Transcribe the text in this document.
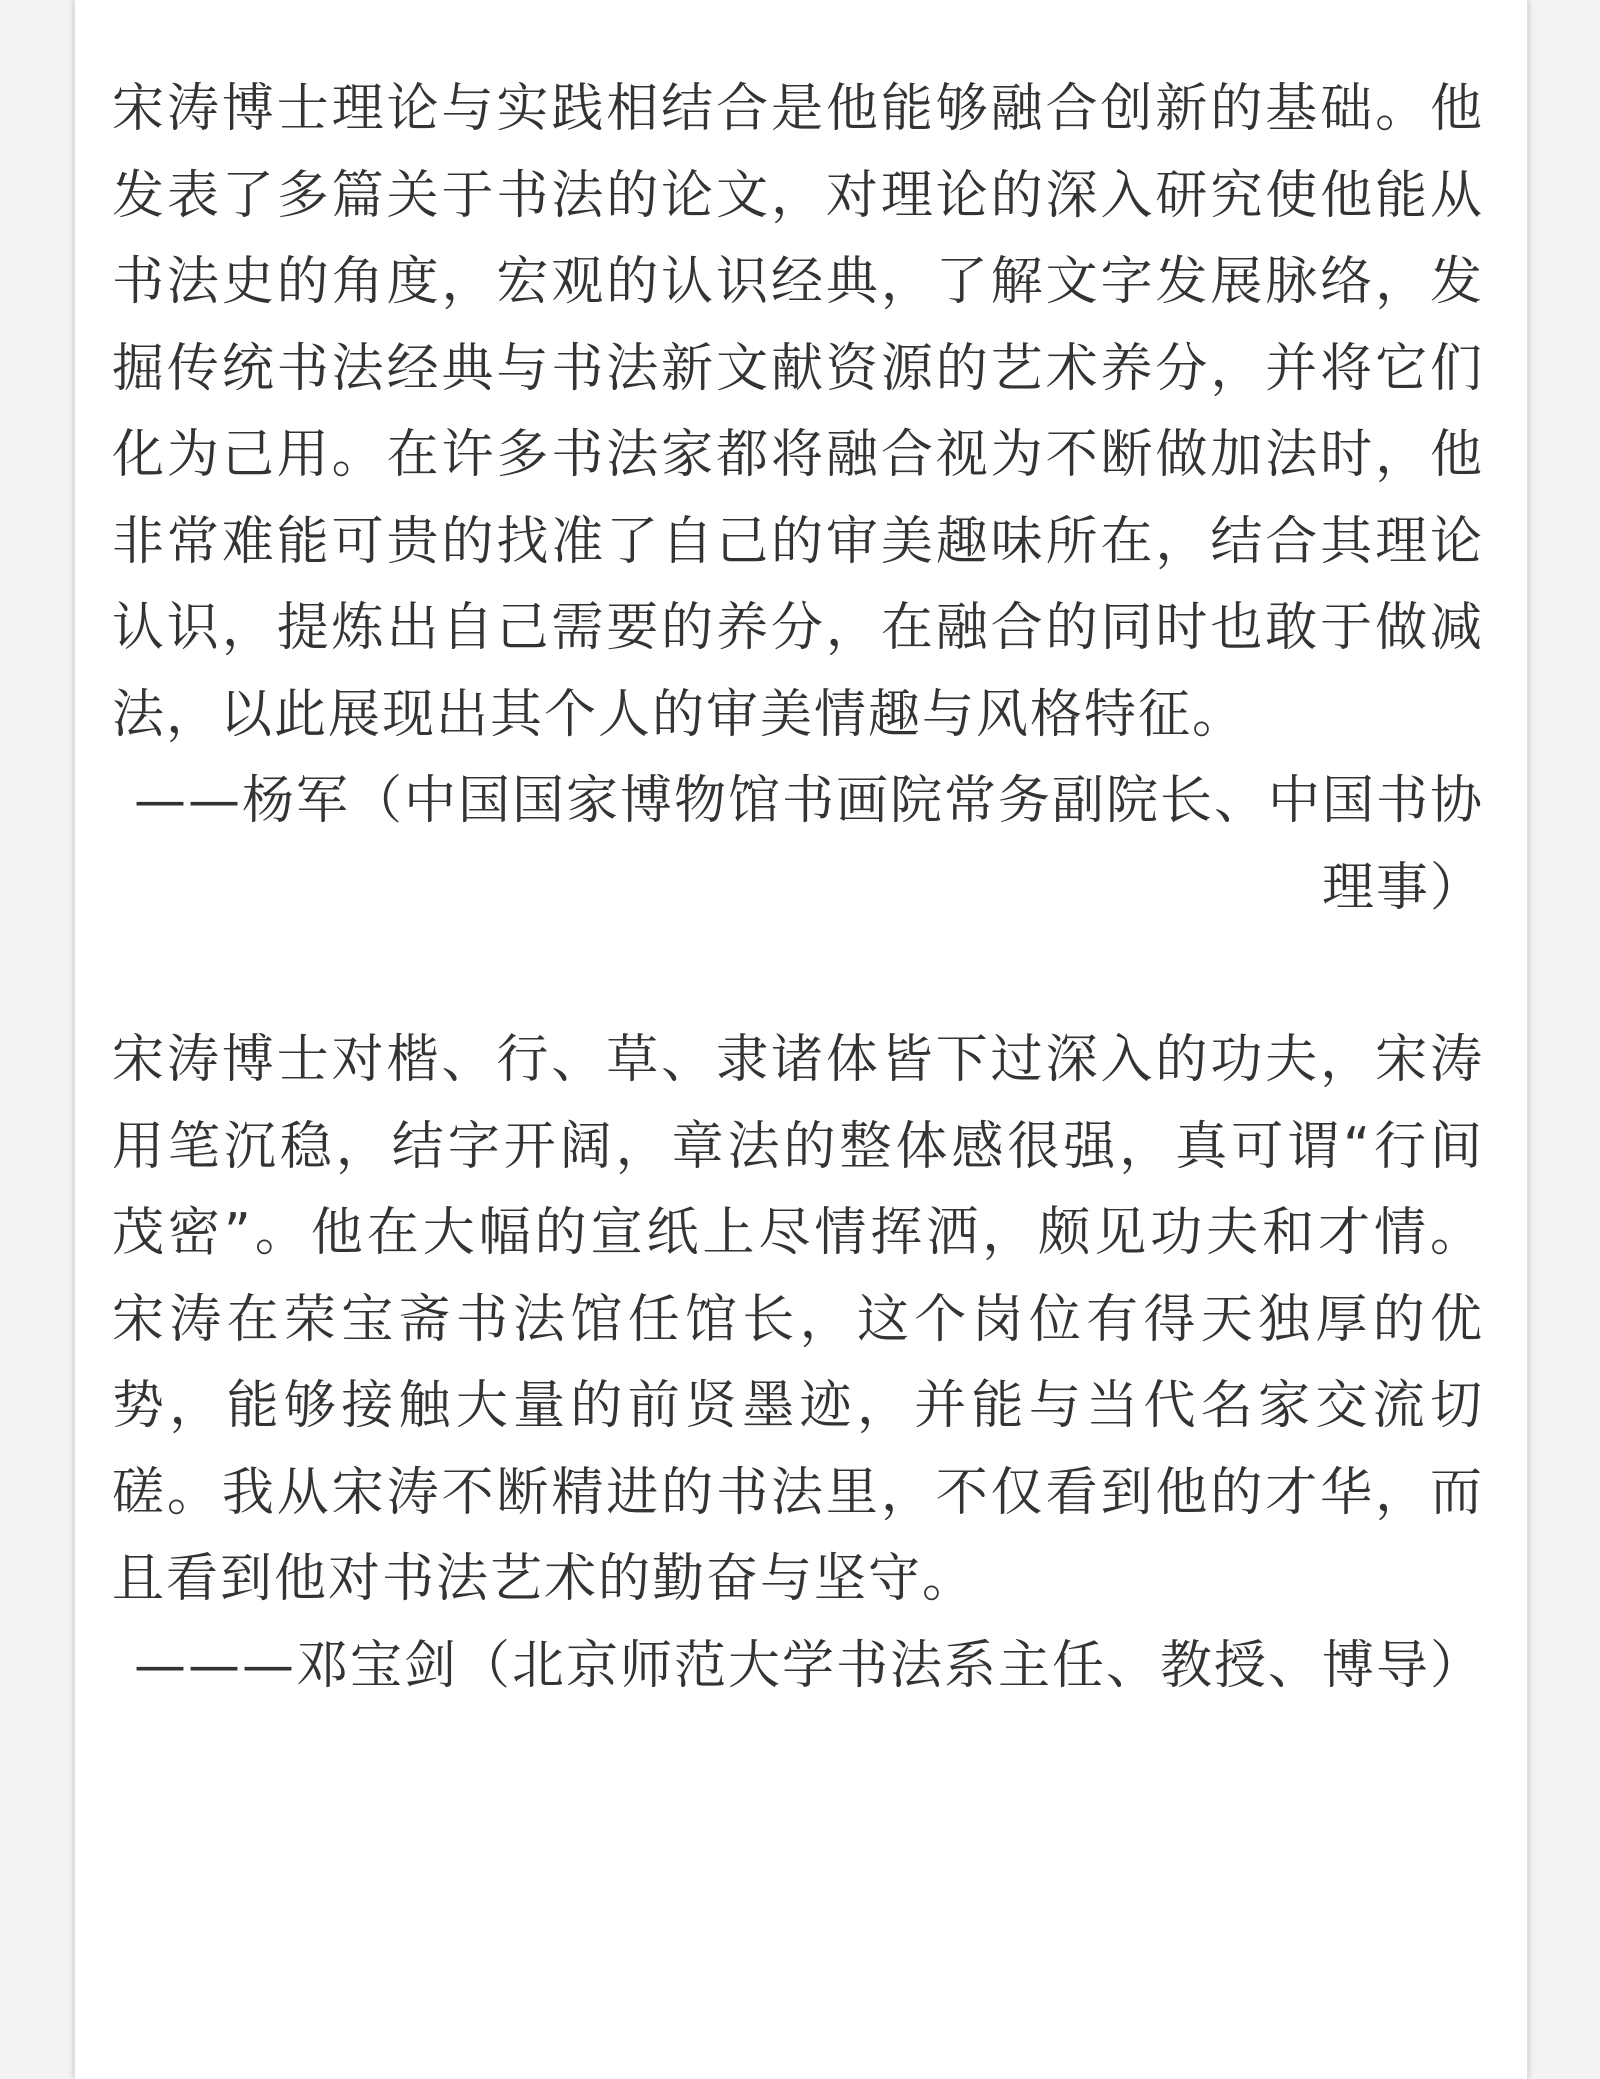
宋涛博士理论与实践相结合是他能够融合创新的基础。他发表了多篇关于书法的论文，对理论的深入研究使他能从书法史的角度，宏观的认识经典，了解文字发展脉络，发掘传统书法经典与书法新文献资源的艺术养分，并将它们化为己用。在许多书法家都将融合视为不断做加法时，他非常难能可贵的找准了自己的审美趣味所在，结合其理论认识，提炼出自己需要的养分，在融合的同时也敢于做减法，以此展现出其个人的审美情趣与风格特征。

——杨军（中国国家博物馆书画院常务副院长、中国书协理事）

宋涛博士对楷、行、草、隶诸体皆下过深入的功夫，宋涛用笔沉稳，结字开阔，章法的整体感很强，真可谓“行间茂密”。他在大幅的宣纸上尽情挥洒，颇见功夫和才情。宋涛在荣宝斋书法馆任馆长，这个岗位有得天独厚的优势，能够接触大量的前贤墨迹，并能与当代名家交流切磋。我从宋涛不断精进的书法里，不仅看到他的才华，而且看到他对书法艺术的勤奋与坚守。

———邓宝剑（北京师范大学书法系主任、教授、博导）
